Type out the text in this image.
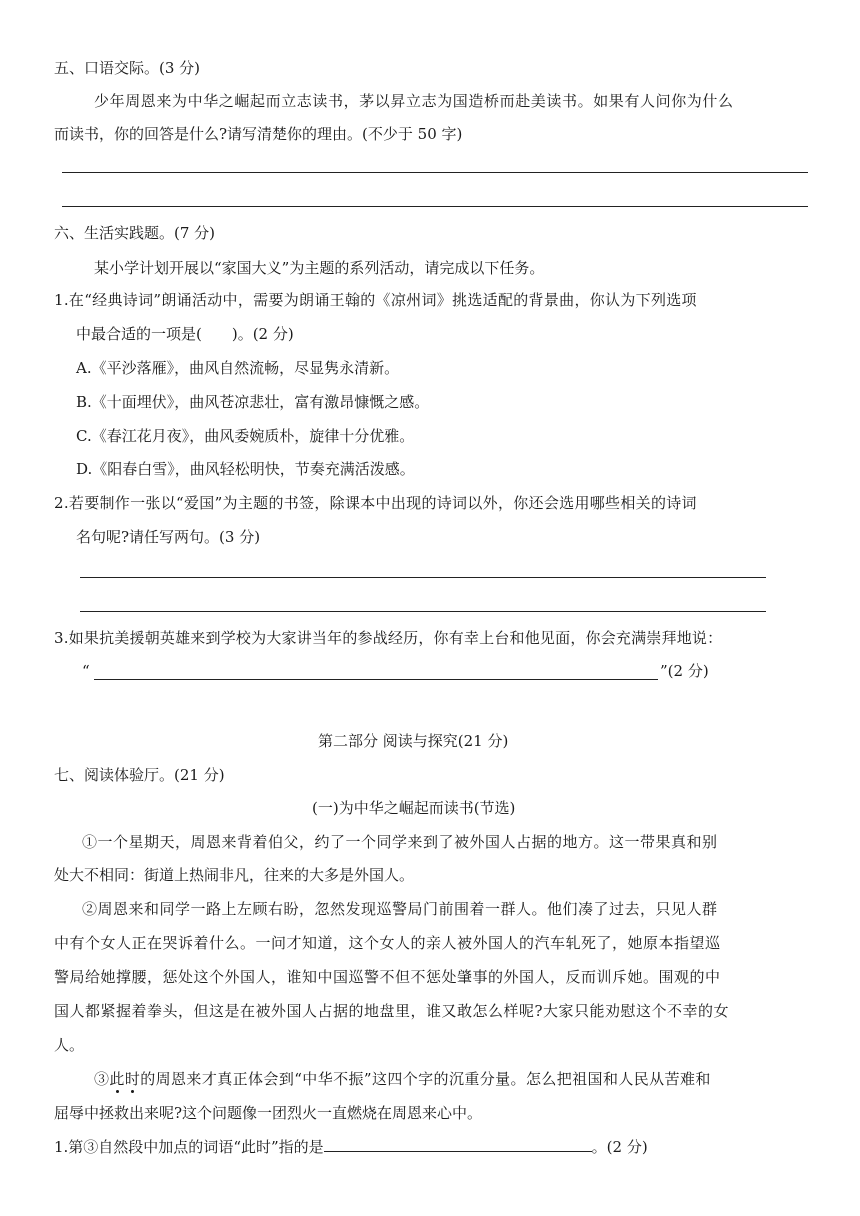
五、口语交际。(3 分)
少年周恩来为中华之崛起而立志读书，茅以昇立志为国造桥而赴美读书。如果有人问你为什么
而读书，你的回答是什么?请写清楚你的理由。(不少于 50 字)
六、生活实践题。(7 分)
某小学计划开展以“家国大义”为主题的系列活动，请完成以下任务。
1.在“经典诗词”朗诵活动中，需要为朗诵王翰的《凉州词》挑选适配的背景曲，你认为下列选项
中最合适的一项是(　　)。(2 分)
A.《平沙落雁》，曲风自然流畅，尽显隽永清新。
B.《十面埋伏》，曲风苍凉悲壮，富有激昂慷慨之感。
C.《春江花月夜》，曲风委婉质朴，旋律十分优雅。
D.《阳春白雪》，曲风轻松明快，节奏充满活泼感。
2.若要制作一张以“爱国”为主题的书签，除课本中出现的诗词以外，你还会选用哪些相关的诗词
名句呢?请任写两句。(3 分)
3.如果抗美援朝英雄来到学校为大家讲当年的参战经历，你有幸上台和他见面，你会充满崇拜地说：
“	”(2 分)
第二部分 阅读与探究(21 分)
七、阅读体验厅。(21 分)
(一)为中华之崛起而读书(节选)
①一个星期天，周恩来背着伯父，约了一个同学来到了被外国人占据的地方。这一带果真和别
处大不相同：街道上热闹非凡，往来的大多是外国人。
②周恩来和同学一路上左顾右盼，忽然发现巡警局门前围着一群人。他们凑了过去，只见人群
中有个女人正在哭诉着什么。一问才知道，这个女人的亲人被外国人的汽车轧死了，她原本指望巡
警局给她撑腰，惩处这个外国人，谁知中国巡警不但不惩处肇事的外国人，反而训斥她。围观的中
国人都紧握着拳头，但这是在被外国人占据的地盘里，谁又敢怎么样呢?大家只能劝慰这个不幸的女
人。
③此时的周恩来才真正体会到“中华不振”这四个字的沉重分量。怎么把祖国和人民从苦难和
屈辱中拯救出来呢?这个问题像一团烈火一直燃烧在周恩来心中。
1.第③自然段中加点的词语“此时”指的是	。(2 分)
